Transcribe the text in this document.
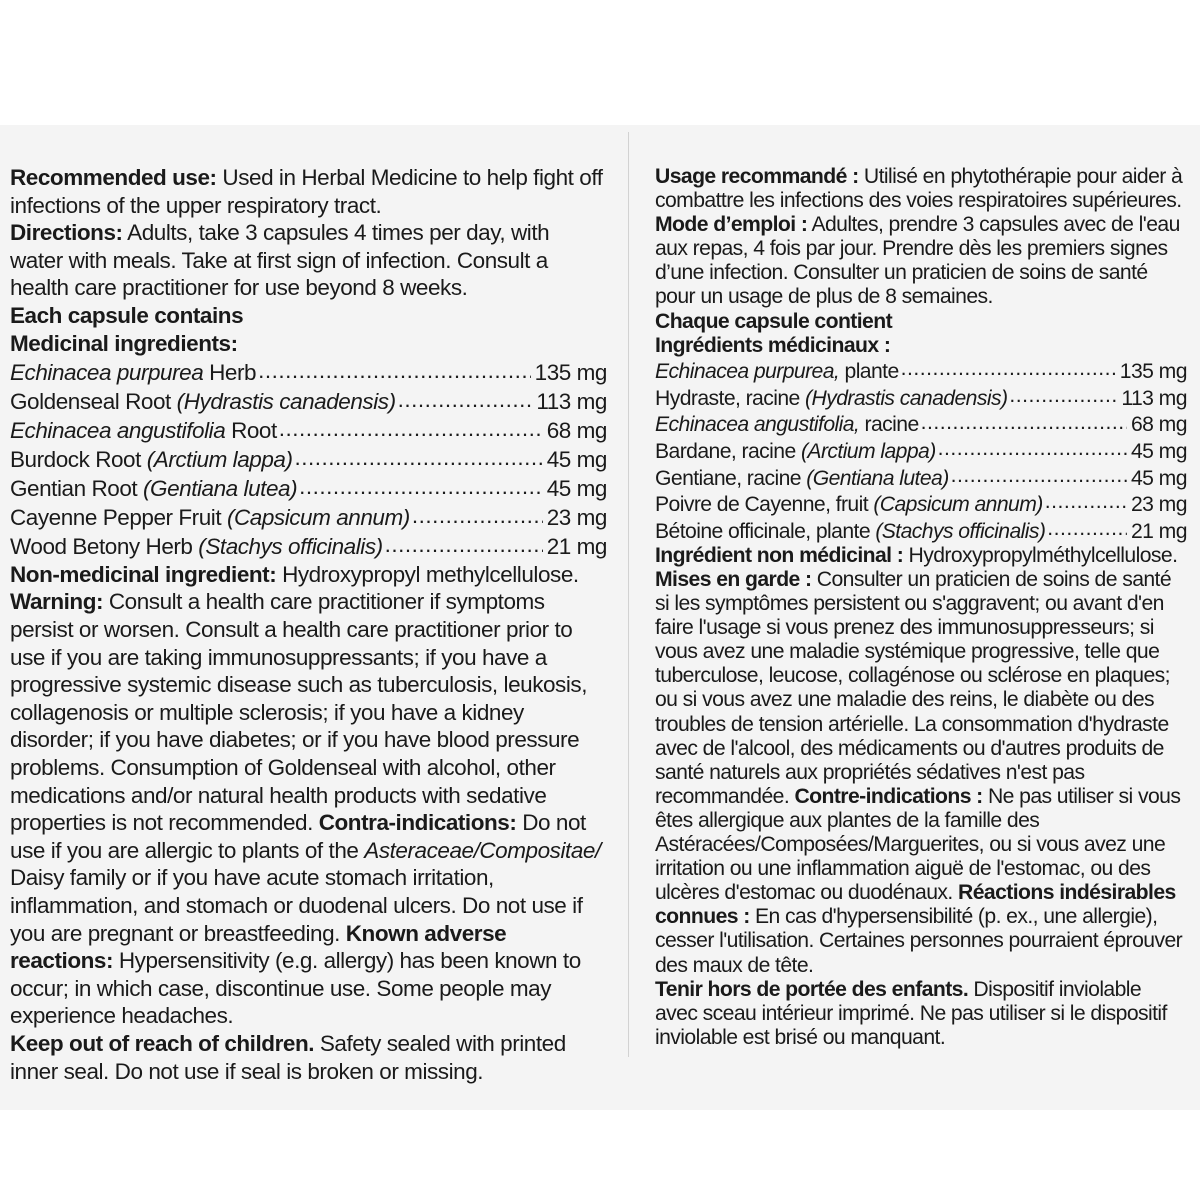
Recommended use: Used in Herbal Medicine to help fight off infections of the upper respiratory tract.

Directions: Adults, take 3 capsules 4 times per day, with water with meals. Take at first sign of infection. Consult a health care practitioner for use beyond 8 weeks.

Each capsule contains

Medicinal ingredients:

Echinacea purpurea Herb .....	135 mg
Goldenseal Root (Hydrastis canadensis) .....	113 mg
Echinacea angustifolia Root .....	68 mg
Burdock Root (Arctium lappa) .....	45 mg
Gentian Root (Gentiana lutea) .....	45 mg
Cayenne Pepper Fruit (Capsicum annum) .....	23 mg
Wood Betony Herb (Stachys officinalis) .....	21 mg

Non-medicinal ingredient: Hydroxypropyl methylcellulose.

Warning: Consult a health care practitioner if symptoms persist or worsen. Consult a health care practitioner prior to use if you are taking immunosuppressants; if you have a progressive systemic disease such as tuberculosis, leukosis, collagenosis or multiple sclerosis; if you have a kidney disorder; if you have diabetes; or if you have blood pressure problems. Consumption of Goldenseal with alcohol, other medications and/or natural health products with sedative properties is not recommended. Contra-indications: Do not use if you are allergic to plants of the Asteraceae/Compositae/ Daisy family or if you have acute stomach irritation, inflammation, and stomach or duodenal ulcers. Do not use if you are pregnant or breastfeeding. Known adverse reactions: Hypersensitivity (e.g. allergy) has been known to occur; in which case, discontinue use. Some people may experience headaches.

Keep out of reach of children. Safety sealed with printed inner seal. Do not use if seal is broken or missing.

Usage recommandé : Utilisé en phytothérapie pour aider à combattre les infections des voies respiratoires supérieures.

Mode d’emploi : Adultes, prendre 3 capsules avec de l'eau aux repas, 4 fois par jour. Prendre dès les premiers signes d’une infection. Consulter un praticien de soins de santé pour un usage de plus de 8 semaines.

Chaque capsule contient

Ingrédients médicinaux :

Echinacea purpurea, plante .....	135 mg
Hydraste, racine (Hydrastis canadensis) .....	113 mg
Echinacea angustifolia, racine .....	68 mg
Bardane, racine (Arctium lappa) .....	45 mg
Gentiane, racine (Gentiana lutea) .....	45 mg
Poivre de Cayenne, fruit (Capsicum annum) .....	23 mg
Bétoine officinale, plante (Stachys officinalis) .....	21 mg

Ingrédient non médicinal : Hydroxypropylméthylcellulose.

Mises en garde : Consulter un praticien de soins de santé si les symptômes persistent ou s'aggravent; ou avant d'en faire l'usage si vous prenez des immunosuppresseurs; si vous avez une maladie systémique progressive, telle que tuberculose, leucose, collagénose ou sclérose en plaques; ou si vous avez une maladie des reins, le diabète ou des troubles de tension artérielle. La consommation d'hydraste avec de l'alcool, des médicaments ou d'autres produits de santé naturels aux propriétés sédatives n'est pas recommandée. Contre-indications : Ne pas utiliser si vous êtes allergique aux plantes de la famille des Astéracées/Composées/Marguerites, ou si vous avez une irritation ou une inflammation aiguë de l'estomac, ou des ulcères d'estomac ou duodénaux. Réactions indésirables connues : En cas d'hypersensibilité (p. ex., une allergie), cesser l'utilisation. Certaines personnes pourraient éprouver des maux de tête.

Tenir hors de portée des enfants. Dispositif inviolable avec sceau intérieur imprimé. Ne pas utiliser si le dispositif inviolable est brisé ou manquant.
